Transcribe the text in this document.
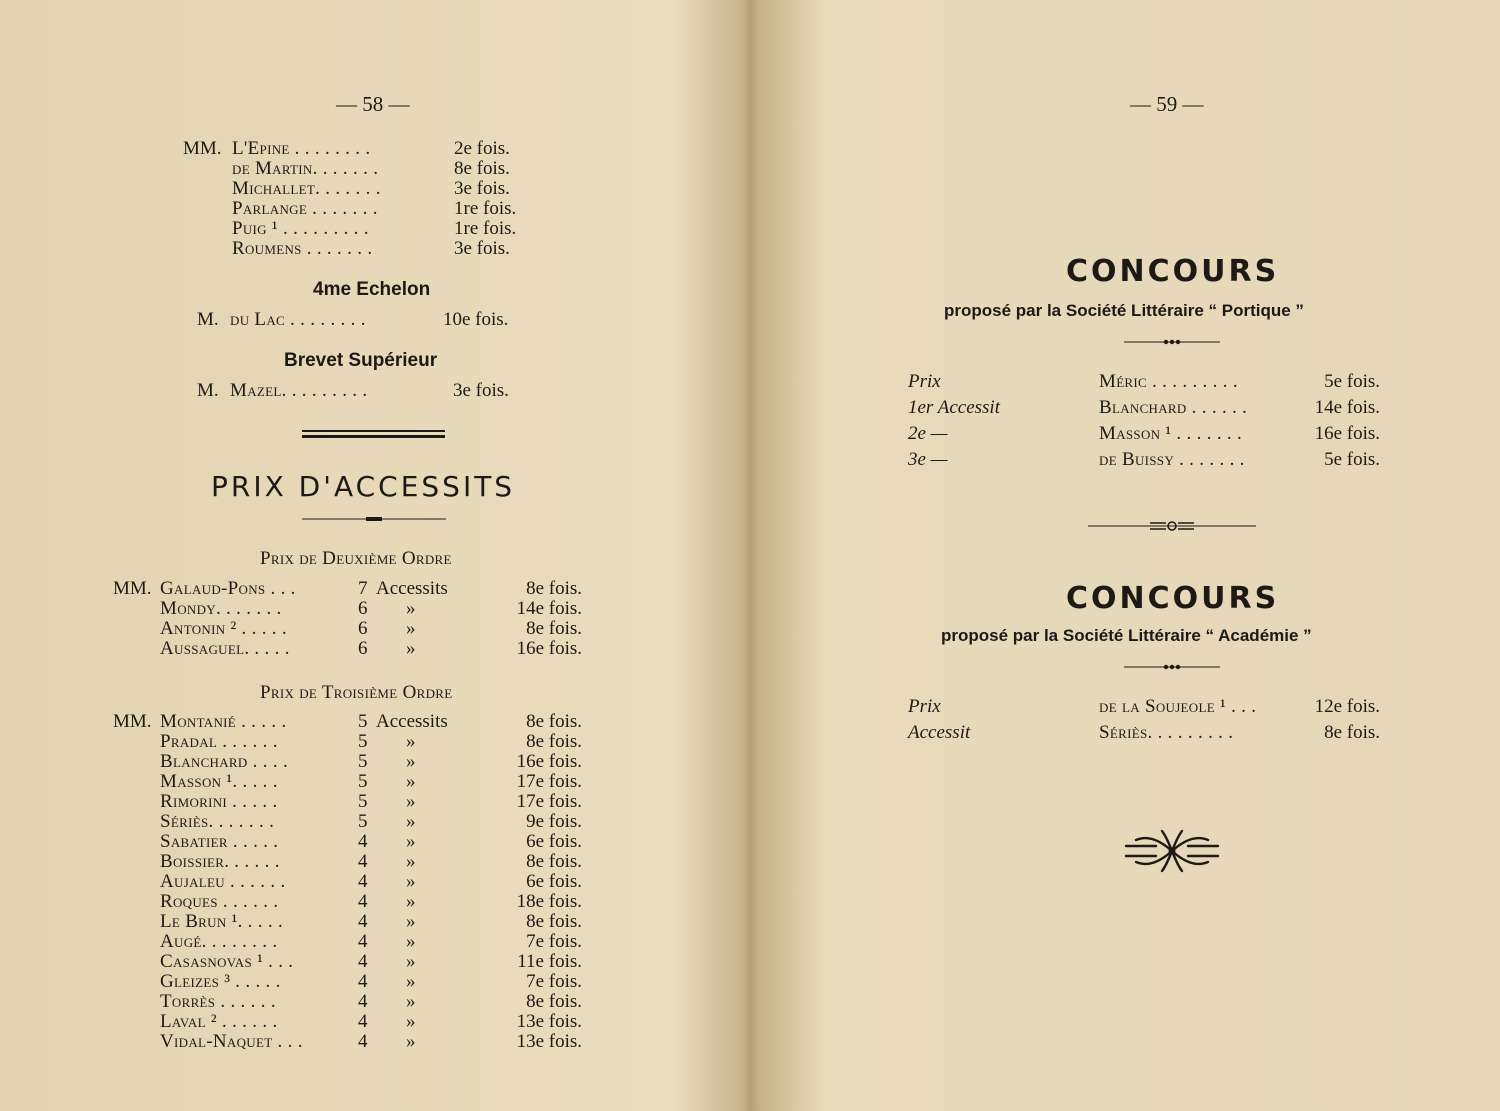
— 58 —
MM. L'Epine . . . . . . . .	2e fois.
de Martin. . . . . . .	8e fois.
Michallet. . . . . . .	3e fois.
Parlange . . . . . . .	1re fois.
Puig ¹ . . . . . . . . .	1re fois.
Roumens . . . . . . .	3e fois.
4me Echelon
M. du Lac . . . . . . . .	10e fois.
Brevet Supérieur
M. Mazel. . . . . . . . .	3e fois.
PRIX D'ACCESSITS
Prix de Deuxième Ordre
MM. Galaud-Pons . . .	7 Accessits	8e fois.
Mondy. . . . . . .	6 »	14e fois.
Antonin ² . . . . .	6 »	8e fois.
Aussaguel. . . . .	6 »	16e fois.
Prix de Troisième Ordre
MM. Montanié . . . . .	5 Accessits	8e fois.
Pradal . . . . . .	5 »	8e fois.
Blanchard . . . .	5 »	16e fois.
Masson ¹. . . . .	5 »	17e fois.
Rimorini . . . . .	5 »	17e fois.
Sériès. . . . . . .	5 »	9e fois.
Sabatier . . . . .	4 »	6e fois.
Boissier. . . . . .	4 »	8e fois.
Aujaleu . . . . . .	4 »	6e fois.
Roques . . . . . .	4 »	18e fois.
Le Brun ¹. . . . .	4 »	8e fois.
Augé. . . . . . . .	4 »	7e fois.
Casasnovas ¹ . . .	4 »	11e fois.
Gleizes ³ . . . . .	4 »	7e fois.
Torrès . . . . . .	4 »	8e fois.
Laval ² . . . . . .	4 »	13e fois.
Vidal-Naquet . . .	4 »	13e fois.
— 59 —
CONCOURS
proposé par la Société Littéraire “ Portique ”
Prix	Méric . . . . . . . . .	5e fois.
1er Accessit	Blanchard . . . . . .	14e fois.
2e —	Masson ¹ . . . . . . .	16e fois.
3e —	de Buissy . . . . . . .	5e fois.
CONCOURS
proposé par la Société Littéraire “ Académie ”
Prix	de la Soujeole ¹ . . .	12e fois.
Accessit	Sériès. . . . . . . . .	8e fois.
